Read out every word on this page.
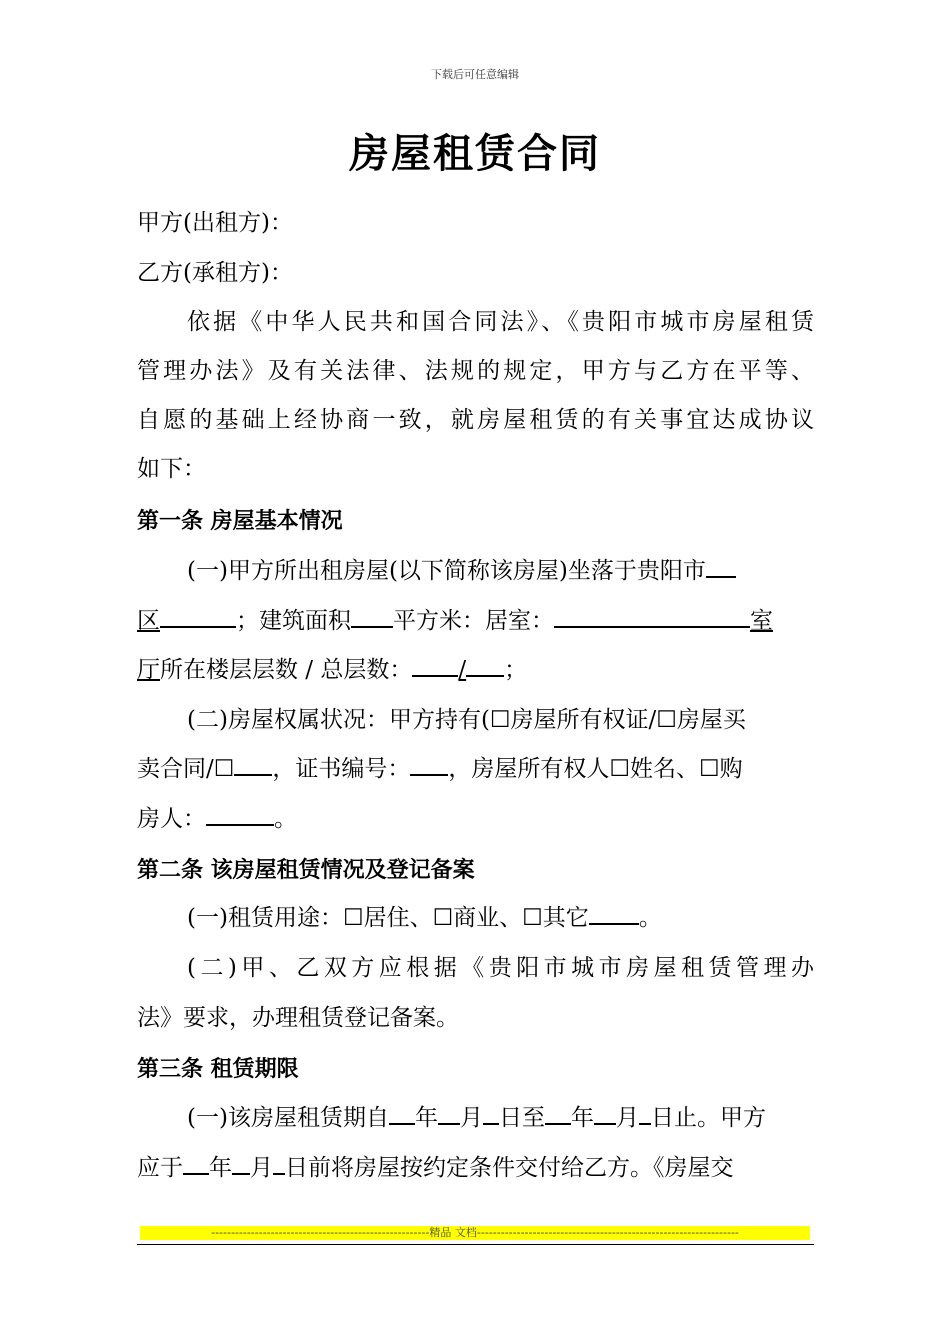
下载后可任意编辑
房屋租赁合同
甲方(出租方)：
乙方(承租方)：
依据《中华人民共和国合同法》、《贵阳市城市房屋租赁
管理办法》及有关法律、法规的规定，甲方与乙方在平等、
自愿的基础上经协商一致，就房屋租赁的有关事宜达成协议
如下：
第一条 房屋基本情况
(一)甲方所出租房屋(以下简称该房屋)坐落于贵阳市
区	；建筑面积 平方米：居室：	室
厅所在楼层层数 / 总层数： / ；
(二)房屋权属状况：甲方持有(☐房屋所有权证/☐房屋买
卖合同/☐ ，证书编号： ，房屋所有权人☐姓名、☐购
房人：	。
第二条 该房屋租赁情况及登记备案
(一)租赁用途：☐居住、☐商业、☐其它 。
(二)甲、乙双方应根据《贵阳市城市房屋租赁管理办
法》要求，办理租赁登记备案。
第三条 租赁期限
(一)该房屋租赁期自 年 月 日至 年 月 日止。甲方
应于 年 月 日前将房屋按约定条件交付给乙方。《房屋交
-------------------------------------------------------精品 文档------------------------------------------------------------------
